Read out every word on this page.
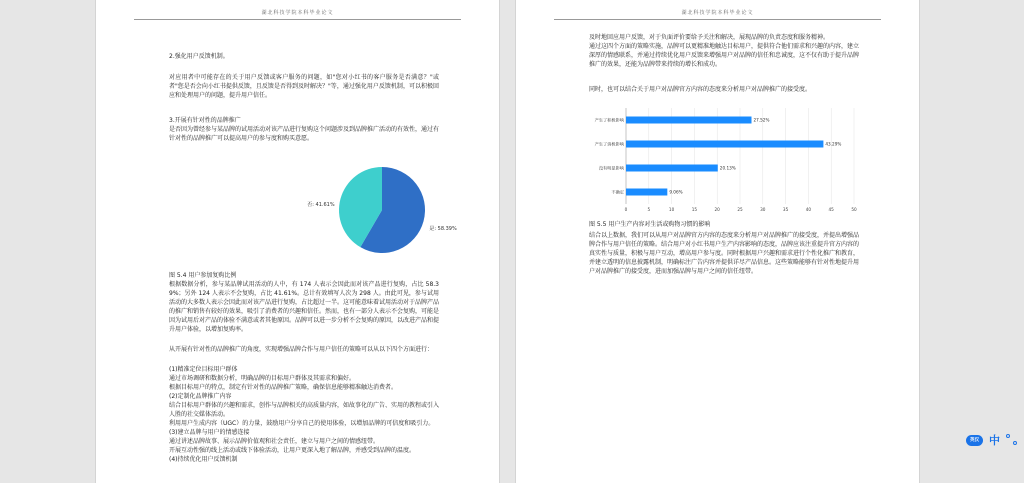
湖北科技学院本科毕业论文
2.强化用户反馈机制。
对应用者中可能存在的关于用户反馈或客户服务的问题，如"您对小红书的客户服务是否满意？"或者"您是否会向小红书提供反馈，且反馈是否得到及时解决？"等，通过强化用户反馈机制，可以积极回应和处理用户的问题，提升用户信任。
3.开展有针对性的品牌推广
是否因为曾经参与某品牌的试用活动对该产品进行复购这个问题涉及到品牌推广活动的有效性，通过有针对性的品牌推广可以提高用户的参与度和购买意愿。
是: 58.39%
否: 41.61%
图 5.4 用户参加复购比例
根据数据分析，参与某品牌试用活动的人中，有 174 人表示会因此而对该产品进行复购，占比 58.39%；另外 124 人表示不会复购，占比 41.61%。总计有效填写人次为 298 人。由此可见，参与试用活动的大多数人表示会因此而对该产品进行复购，占比超过一半。这可能意味着试用活动对于品牌产品的推广和销售有较好的效果，吸引了消费者的兴趣和信任。然而，也有一部分人表示不会复购，可能是因为试用后对产品的体验不满意或者其他原因。品牌可以进一步分析不会复购的原因，以改进产品和提升用户体验，以增加复购率。
从开展有针对性的品牌推广的角度，实现增强品牌合作与用户信任的策略可以从以下四个方面进行：
(1)精准定位目标用户群体
通过市场调研和数据分析，明确品牌的目标用户群体及其需求和偏好。
根据目标用户的特点，制定有针对性的品牌推广策略，确保信息能够精准触达消费者。
(2)定制化品牌推广内容
结合目标用户群体的兴趣和需求，创作与品牌相关的高质量内容，如故事化的广告、实用的教程或引入人胜的社交媒体活动。
利用用户生成内容（UGC）的力量，鼓励用户分享自己的使用体验，以增加品牌的可信度和吸引力。
(3)建立品牌与用户的情感连接
通过讲述品牌故事、展示品牌价值观和社会责任，建立与用户之间的情感纽带。
开展互动性强的线上活动或线下体验活动，让用户更深入地了解品牌，并感受到品牌的温度。
(4)持续优化用户反馈机制
湖北科技学院本科毕业论文
及时地回应用户反馈，对于负面评价要给予关注和解决，展现品牌的负责态度和服务精神。
通过这四个方面的策略实施，品牌可以更精准地触达目标用户，提供符合他们需求和兴趣的内容，建立深厚的情感联系，并通过持续优化用户反馈来增强用户对品牌的信任和忠诚度，这不仅有助于提升品牌推广的效果，还能为品牌带来持续的增长和成功。
同时，也可以结合关于用户对品牌官方内容的态度来分析用户对品牌推广的接受度。
0	5	10	15	20	25	30	35	40	45	50
产生了积极影响	27.52%
产生了消极影响	43.29%
没有明显影响	20.13%
不确定	9.06%
图 5.5 用户生产内容对生活或购物习惯的影响
结合以上数据，我们可以从用户对品牌官方内容的态度来分析用户对品牌推广的接受度，并提出增强品牌合作与用户信任的策略。结合用户对小红书用户生产内容影响的态度，品牌应该注重提升官方内容的真实性与质量，积极与用户互动，增高用户参与度。同时根据用户兴趣和需求进行个性化推广和教育，并建立透明的信息披露机制，明确标注广告内容并提供详尽产品信息。这些策略能够有针对性地提升用户对品牌推广的接受度，进而加强品牌与用户之间的信任纽带。
英汉 中
